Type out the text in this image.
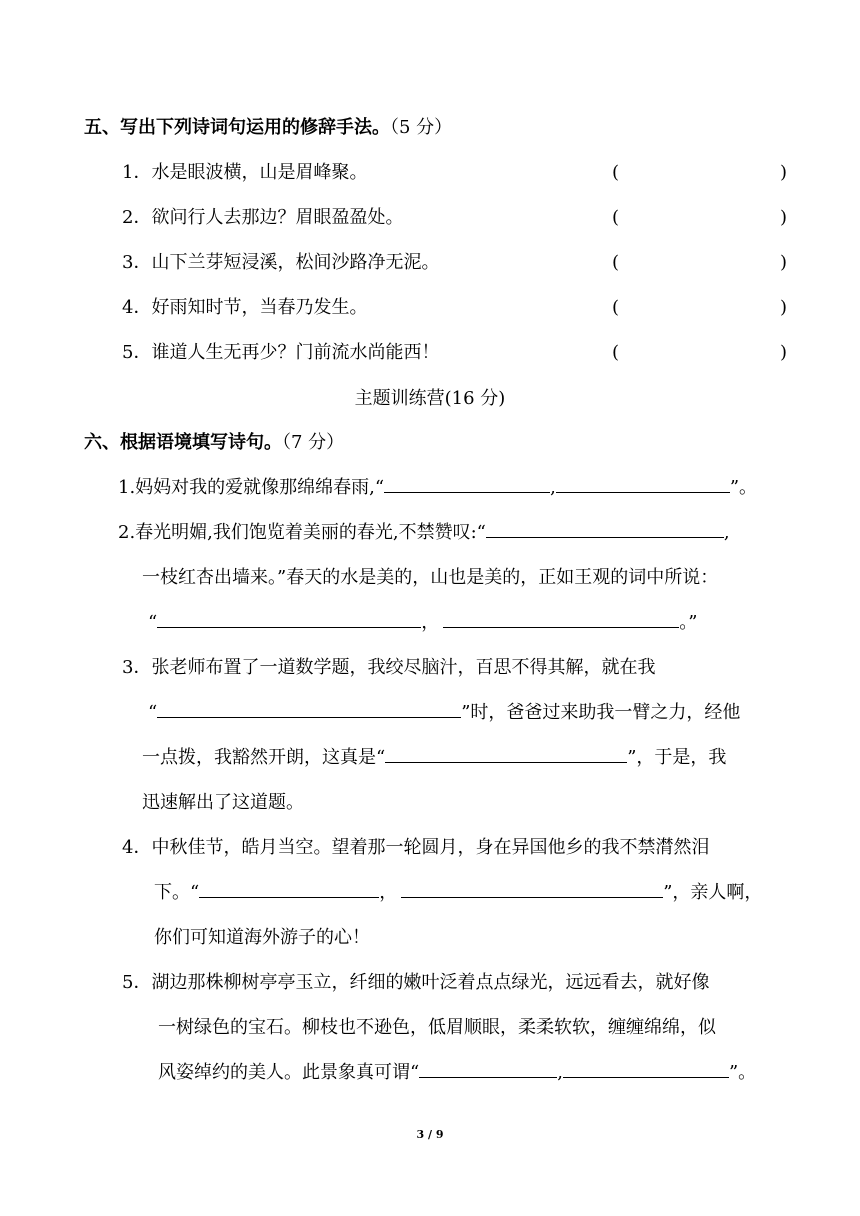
五、写出下列诗词句运用的修辞手法。（5 分）
1．水是眼波横，山是眉峰聚。	(	)
2．欲问行人去那边？眉眼盈盈处。	(	)
3．山下兰芽短浸溪，松间沙路净无泥。	(	)
4．好雨知时节，当春乃发生。	(	)
5．谁道人生无再少？门前流水尚能西！	(	)
主题训练营(16 分)
六、根据语境填写诗句。（7 分）
1.妈妈对我的爱就像那绵绵春雨,“	,	”。
2.春光明媚,我们饱览着美丽的春光,不禁赞叹:“	,
一枝红杏出墙来。”春天的水是美的，山也是美的，正如王观的词中所说：
“	，	。”
3．张老师布置了一道数学题，我绞尽脑汁，百思不得其解，就在我
“	”时，爸爸过来助我一臂之力，经他
一点拨，我豁然开朗，这真是“	”，于是，我
迅速解出了这道题。
4．中秋佳节，皓月当空。望着那一轮圆月，身在异国他乡的我不禁潸然泪
下。“	，	”，亲人啊，
你们可知道海外游子的心！
5．湖边那株柳树亭亭玉立，纤细的嫩叶泛着点点绿光，远远看去，就好像
一树绿色的宝石。柳枝也不逊色，低眉顺眼，柔柔软软，缠缠绵绵，似
风姿绰约的美人。此景象真可谓“	,	”。
3 / 9
